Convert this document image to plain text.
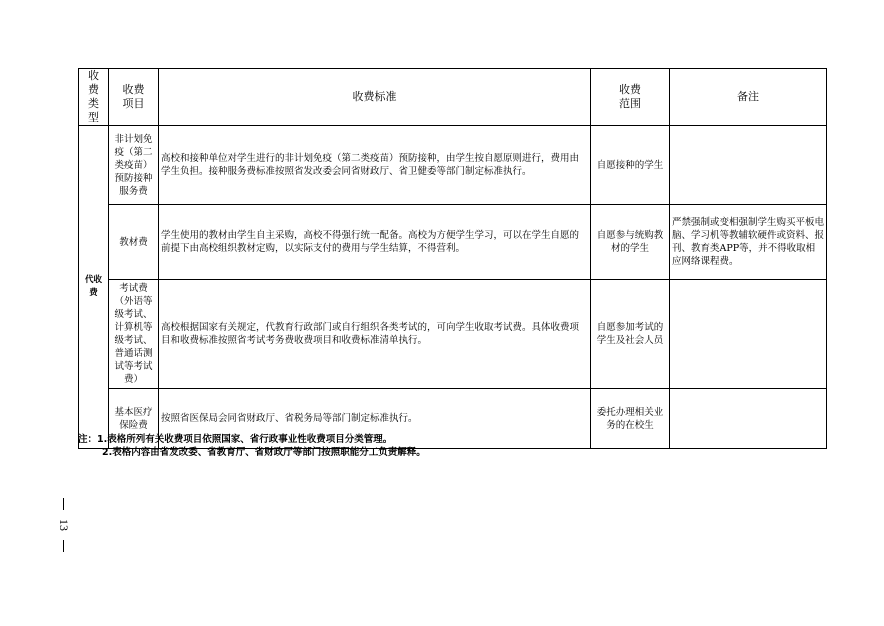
收费类型	收费项目	收费标准	收费范围	备注
代收费	非计划免疫（第二类疫苗）预防接种服务费	高校和接种单位对学生进行的非计划免疫（第二类疫苗）预防接种，由学生按自愿原则进行，费用由学生负担。接种服务费标准按照省发改委会同省财政厅、省卫健委等部门制定标准执行。	自愿接种的学生	
	教材费	学生使用的教材由学生自主采购，高校不得强行统一配备。高校为方便学生学习，可以在学生自愿的前提下由高校组织教材定购，以实际支付的费用与学生结算，不得营利。	自愿参与统购教材的学生	严禁强制或变相强制学生购买平板电脑、学习机等教辅软硬件或资料、报刊、教育类APP等，并不得收取相应网络课程费。
	考试费（外语等级考试、计算机等级考试、普通话测试等考试费）	高校根据国家有关规定，代教育行政部门或自行组织各类考试的，可向学生收取考试费。具体收费项目和收费标准按照省考试考务费收费项目和收费标准清单执行。	自愿参加考试的学生及社会人员	
	基本医疗保险费	按照省医保局会同省财政厅、省税务局等部门制定标准执行。	委托办理相关业务的在校生	
注：1.表格所列有关收费项目依照国家、省行政事业性收费项目分类管理。
2.表格内容由省发改委、省教育厅、省财政厅等部门按照职能分工负责解释。
13
